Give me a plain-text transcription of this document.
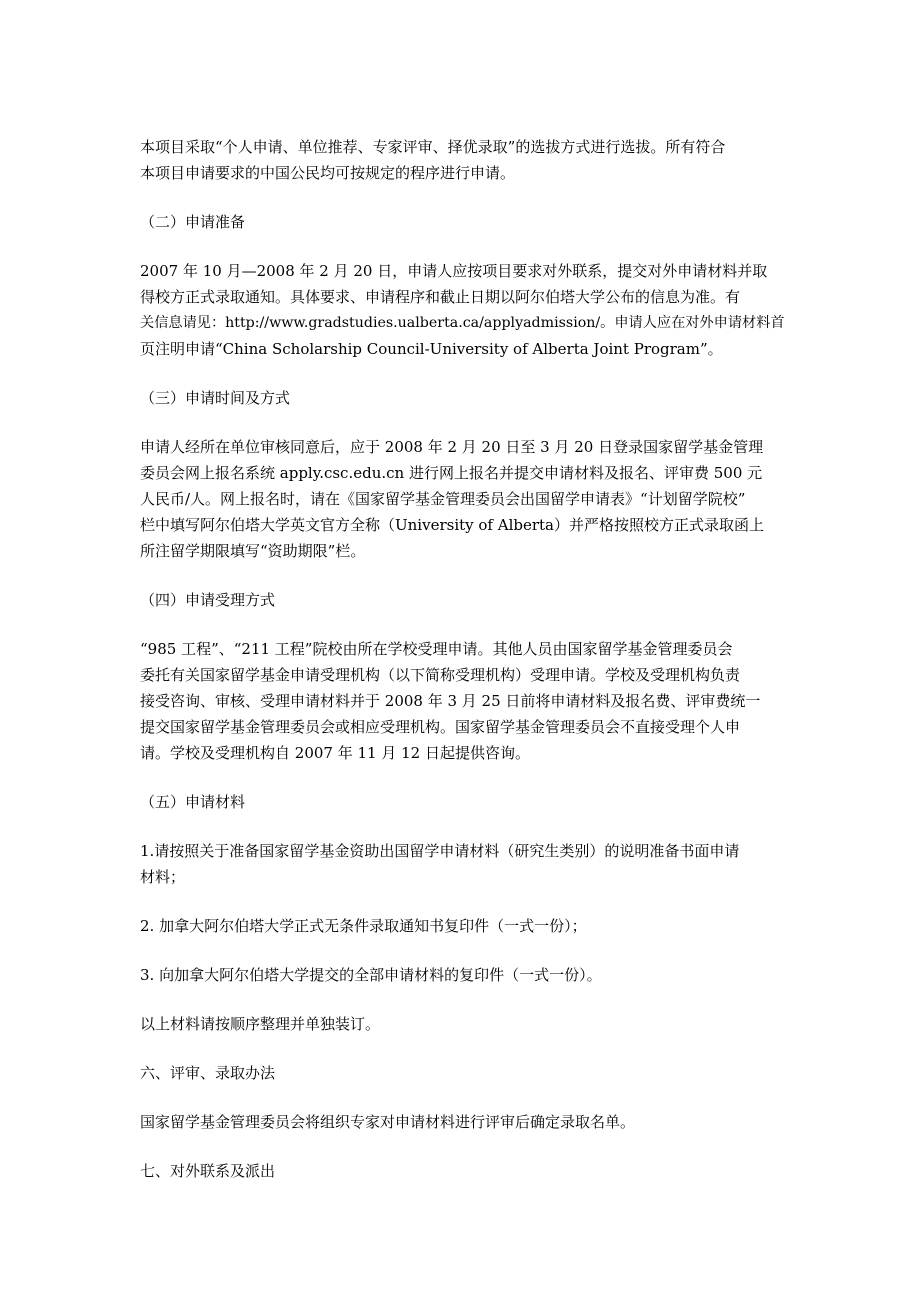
本项目采取“个人申请、单位推荐、专家评审、择优录取”的选拔方式进行选拔。所有符合
本项目申请要求的中国公民均可按规定的程序进行申请。

（二）申请准备

2007 年 10 月—2008 年 2 月 20 日，申请人应按项目要求对外联系，提交对外申请材料并取
得校方正式录取通知。具体要求、申请程序和截止日期以阿尔伯塔大学公布的信息为准。有
关信息请见：http://www.gradstudies.ualberta.ca/applyadmission/。申请人应在对外申请材料首
页注明申请“China Scholarship Council-University of Alberta Joint Program”。

（三）申请时间及方式

申请人经所在单位审核同意后，应于 2008 年 2 月 20 日至 3 月 20 日登录国家留学基金管理
委员会网上报名系统 apply.csc.edu.cn 进行网上报名并提交申请材料及报名、评审费 500 元
人民币/人。网上报名时，请在《国家留学基金管理委员会出国留学申请表》“计划留学院校”
栏中填写阿尔伯塔大学英文官方全称（University of Alberta）并严格按照校方正式录取函上
所注留学期限填写“资助期限”栏。

（四）申请受理方式

“985 工程”、“211 工程”院校由所在学校受理申请。其他人员由国家留学基金管理委员会
委托有关国家留学基金申请受理机构（以下简称受理机构）受理申请。学校及受理机构负责
接受咨询、审核、受理申请材料并于 2008 年 3 月 25 日前将申请材料及报名费、评审费统一
提交国家留学基金管理委员会或相应受理机构。国家留学基金管理委员会不直接受理个人申
请。学校及受理机构自 2007 年 11 月 12 日起提供咨询。

（五）申请材料

1.请按照关于准备国家留学基金资助出国留学申请材料（研究生类别）的说明准备书面申请
材料；

2. 加拿大阿尔伯塔大学正式无条件录取通知书复印件（一式一份）；

3. 向加拿大阿尔伯塔大学提交的全部申请材料的复印件（一式一份）。

以上材料请按顺序整理并单独装订。

六、评审、录取办法

国家留学基金管理委员会将组织专家对申请材料进行评审后确定录取名单。

七、对外联系及派出
